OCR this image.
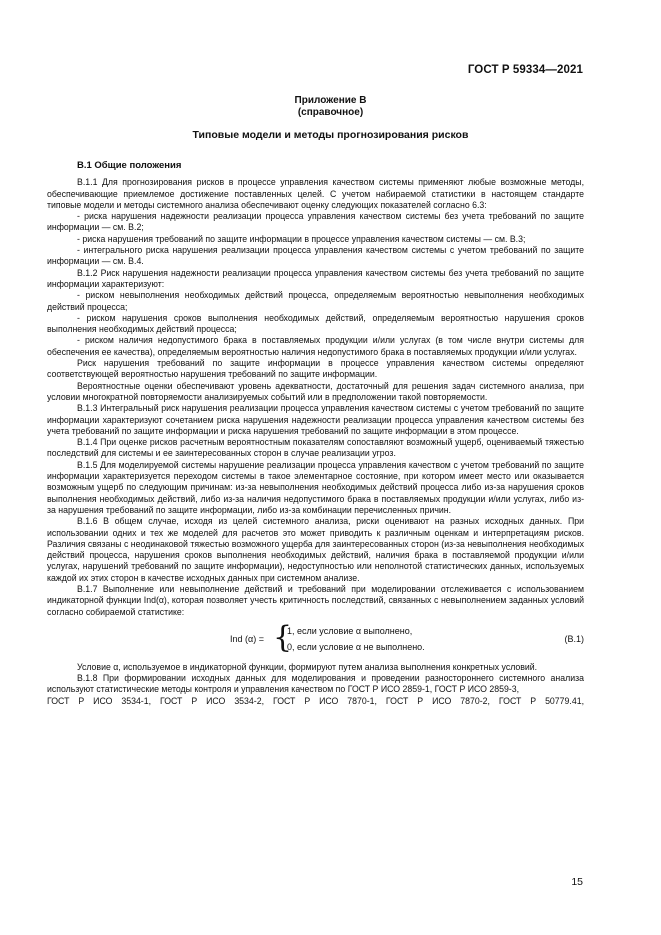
ГОСТ Р 59334—2021
Приложение В
(справочное)
Типовые модели и методы прогнозирования рисков

В.1 Общие положения

В.1.1 Для прогнозирования рисков в процессе управления качеством системы применяют любые возможные методы, обеспечивающие приемлемое достижение поставленных целей. С учетом набираемой статистики в настоящем стандарте типовые модели и методы системного анализа обеспечивают оценку следующих показателей согласно 6.3:

- риска нарушения надежности реализации процесса управления качеством системы без учета требований по защите информации — см. В.2;

- риска нарушения требований по защите информации в процессе управления качеством системы — см. В.3;

- интегрального риска нарушения реализации процесса управления качеством системы с учетом требований по защите информации — см. В.4.

В.1.2 Риск нарушения надежности реализации процесса управления качеством системы без учета требований по защите информации характеризуют:

- риском невыполнения необходимых действий процесса, определяемым вероятностью невыполнения необходимых действий процесса;

- риском нарушения сроков выполнения необходимых действий, определяемым вероятностью нарушения сроков выполнения необходимых действий процесса;

- риском наличия недопустимого брака в поставляемых продукции и/или услугах (в том числе внутри системы для обеспечения ее качества), определяемым вероятностью наличия недопустимого брака в поставляемых продукции и/или услугах.

Риск нарушения требований по защите информации в процессе управления качеством системы определяют соответствующей вероятностью нарушения требований по защите информации.

Вероятностные оценки обеспечивают уровень адекватности, достаточный для решения задач системного анализа, при условии многократной повторяемости анализируемых событий или в предположении такой повторяемости.

В.1.3 Интегральный риск нарушения реализации процесса управления качеством системы с учетом требований по защите информации характеризуют сочетанием риска нарушения надежности реализации процесса управления качеством системы без учета требований по защите информации и риска нарушения требований по защите информации в этом процессе.

В.1.4 При оценке рисков расчетным вероятностным показателям сопоставляют возможный ущерб, оцениваемый тяжестью последствий для системы и ее заинтересованных сторон в случае реализации угроз.

В.1.5 Для моделируемой системы нарушение реализации процесса управления качеством с учетом требований по защите информации характеризуется переходом системы в такое элементарное состояние, при котором имеет место или оказывается возможным ущерб по следующим причинам: из-за невыполнения необходимых действий процесса либо из-за нарушения сроков выполнения необходимых действий, либо из-за наличия недопустимого брака в поставляемых продукции и/или услугах, либо из-за нарушения требований по защите информации, либо из-за комбинации перечисленных причин.

В.1.6 В общем случае, исходя из целей системного анализа, риски оценивают на разных исходных данных. При использовании одних и тех же моделей для расчетов это может приводить к различным оценкам и интерпретациям рисков. Различия связаны с неодинаковой тяжестью возможного ущерба для заинтересованных сторон (из-за невыполнения необходимых действий процесса, нарушения сроков выполнения необходимых действий, наличия брака в поставляемой продукции и/или услугах, нарушений требований по защите информации), недоступностью или неполнотой статистических данных, используемых каждой их этих сторон в качестве исходных данных при системном анализе.

В.1.7 Выполнение или невыполнение действий и требований при моделировании отслеживается с использованием индикаторной функции Ind(α), которая позволяет учесть критичность последствий, связанных с невыполнением заданных условий согласно собираемой статистике:

Ind (α) = {
1, если условие α выполнено,
0, если условие α не выполнено.
(В.1)

Условие α, используемое в индикаторной функции, формируют путем анализа выполнения конкретных условий.

В.1.8 При формировании исходных данных для моделирования и проведении разностороннего системного анализа используют статистические методы контроля и управления качеством по ГОСТ Р ИСО 2859-1, ГОСТ Р ИСО 2859-3,

ГОСТ Р ИСО 3534-1, ГОСТ Р ИСО 3534-2, ГОСТ Р ИСО 7870-1, ГОСТ Р ИСО 7870-2, ГОСТ Р 50779.41,

15
